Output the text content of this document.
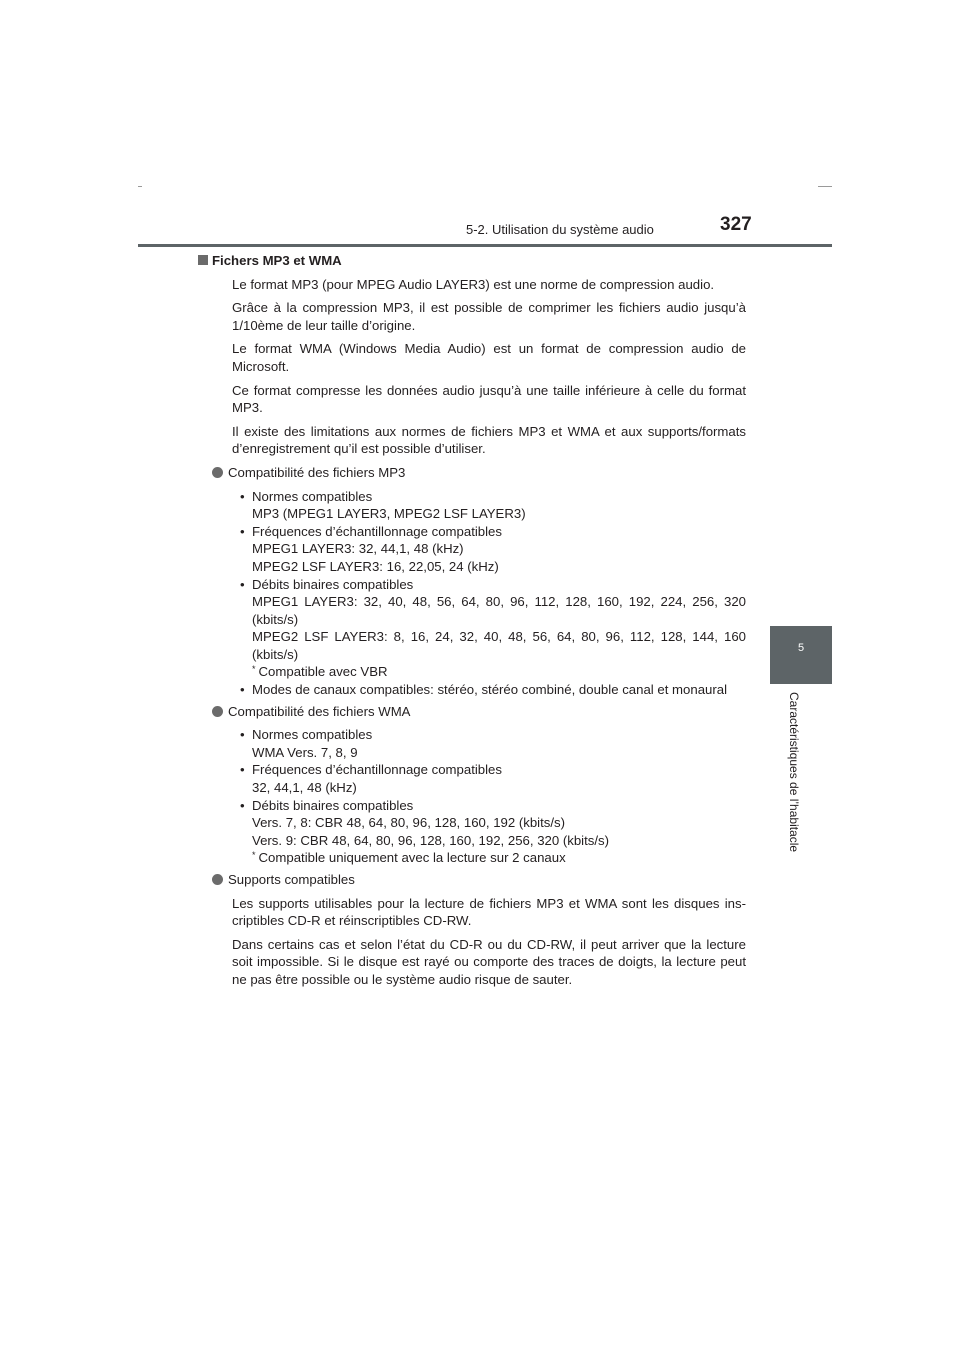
5-2. Utilisation du système audio	327
5
Caractéristiques de l’habitacle
Fichers MP3 et WMA

Le format MP3 (pour MPEG Audio LAYER3) est une norme de compression audio.

Grâce à la compression MP3, il est possible de comprimer les fichiers audio jusqu’à 1/10ème de leur taille d’origine.

Le format WMA (Windows Media Audio) est un format de compression audio de Microsoft.

Ce format compresse les données audio jusqu’à une taille inférieure à celle du format MP3.

Il existe des limitations aux normes de fichiers MP3 et WMA et aux supports/formats d’enregistrement qu’il est possible d’utiliser.

Compatibilité des fichiers MP3
• Normes compatibles
MP3 (MPEG1 LAYER3, MPEG2 LSF LAYER3)
• Fréquences d’échantillonnage compatibles
MPEG1 LAYER3: 32, 44,1, 48 (kHz)
MPEG2 LSF LAYER3: 16, 22,05, 24 (kHz)
• Débits binaires compatibles
MPEG1 LAYER3: 32, 40, 48, 56, 64, 80, 96, 112, 128, 160, 192, 224, 256, 320 (kbits/s)
MPEG2 LSF LAYER3: 8, 16, 24, 32, 40, 48, 56, 64, 80, 96, 112, 128, 144, 160 (kbits/s)
* Compatible avec VBR
• Modes de canaux compatibles: stéréo, stéréo combiné, double canal et monaural
Compatibilité des fichiers WMA
• Normes compatibles
WMA Vers. 7, 8, 9
• Fréquences d’échantillonnage compatibles
32, 44,1, 48 (kHz)
• Débits binaires compatibles
Vers. 7, 8: CBR 48, 64, 80, 96, 128, 160, 192 (kbits/s)
Vers. 9: CBR 48, 64, 80, 96, 128, 160, 192, 256, 320 (kbits/s)
* Compatible uniquement avec la lecture sur 2 canaux
Supports compatibles

Les supports utilisables pour la lecture de fichiers MP3 et WMA sont les disques ins-criptibles CD-R et réinscriptibles CD-RW.

Dans certains cas et selon l’état du CD-R ou du CD-RW, il peut arriver que la lecture soit impossible. Si le disque est rayé ou comporte des traces de doigts, la lecture peut ne pas être possible ou le système audio risque de sauter.
